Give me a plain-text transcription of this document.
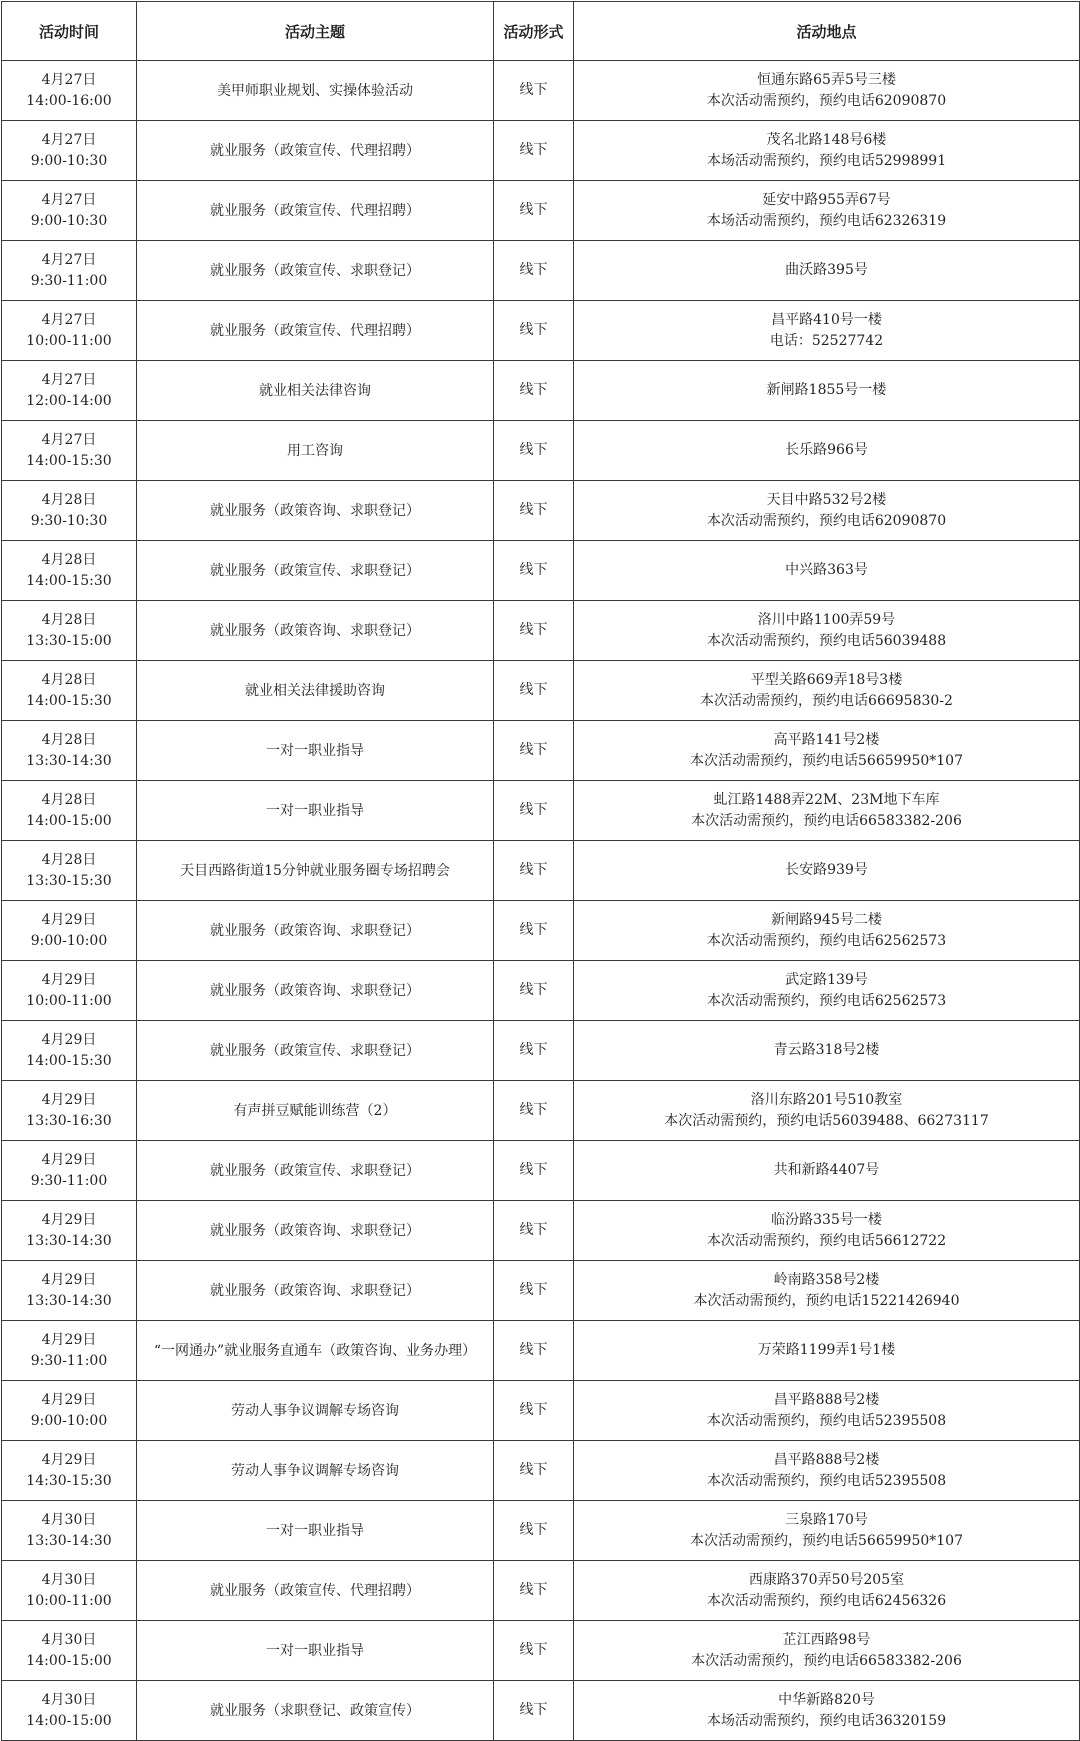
活动时间	活动主题	活动形式	活动地点

4月27日
14:00-16:00	美甲师职业规划、实操体验活动	线下	恒通东路65弄5号三楼
本次活动需预约，预约电话62090870

4月27日
9:00-10:30	就业服务（政策宣传、代理招聘）	线下	茂名北路148号6楼
本场活动需预约，预约电话52998991

4月27日
9:00-10:30	就业服务（政策宣传、代理招聘）	线下	延安中路955弄67号
本场活动需预约，预约电话62326319

4月27日
9:30-11:00	就业服务（政策宣传、求职登记）	线下	曲沃路395号

4月27日
10:00-11:00	就业服务（政策宣传、代理招聘）	线下	昌平路410号一楼
电话：52527742

4月27日
12:00-14:00	就业相关法律咨询	线下	新闸路1855号一楼

4月27日
14:00-15:30	用工咨询	线下	长乐路966号

4月28日
9:30-10:30	就业服务（政策咨询、求职登记）	线下	天目中路532号2楼
本次活动需预约，预约电话62090870

4月28日
14:00-15:30	就业服务（政策宣传、求职登记）	线下	中兴路363号

4月28日
13:30-15:00	就业服务（政策咨询、求职登记）	线下	洛川中路1100弄59号
本次活动需预约，预约电话56039488

4月28日
14:00-15:30	就业相关法律援助咨询	线下	平型关路669弄18号3楼
本次活动需预约，预约电话66695830-2

4月28日
13:30-14:30	一对一职业指导	线下	高平路141号2楼
本次活动需预约，预约电话56659950*107

4月28日
14:00-15:00	一对一职业指导	线下	虬江路1488弄22M、23M地下车库
本次活动需预约，预约电话66583382-206

4月28日
13:30-15:30	天目西路街道15分钟就业服务圈专场招聘会	线下	长安路939号

4月29日
9:00-10:00	就业服务（政策咨询、求职登记）	线下	新闸路945号二楼
本次活动需预约，预约电话62562573

4月29日
10:00-11:00	就业服务（政策咨询、求职登记）	线下	武定路139号
本次活动需预约，预约电话62562573

4月29日
14:00-15:30	就业服务（政策宣传、求职登记）	线下	青云路318号2楼

4月29日
13:30-16:30	有声拼豆赋能训练营（2）	线下	洛川东路201号510教室
本次活动需预约，预约电话56039488、66273117

4月29日
9:30-11:00	就业服务（政策宣传、求职登记）	线下	共和新路4407号

4月29日
13:30-14:30	就业服务（政策咨询、求职登记）	线下	临汾路335号一楼
本次活动需预约，预约电话56612722

4月29日
13:30-14:30	就业服务（政策咨询、求职登记）	线下	岭南路358号2楼
本次活动需预约，预约电话15221426940

4月29日
9:30-11:00	“一网通办”就业服务直通车（政策咨询、业务办理）	线下	万荣路1199弄1号1楼

4月29日
9:00-10:00	劳动人事争议调解专场咨询	线下	昌平路888号2楼
本次活动需预约，预约电话52395508

4月29日
14:30-15:30	劳动人事争议调解专场咨询	线下	昌平路888号2楼
本次活动需预约，预约电话52395508

4月30日
13:30-14:30	一对一职业指导	线下	三泉路170号
本次活动需预约，预约电话56659950*107

4月30日
10:00-11:00	就业服务（政策宣传、代理招聘）	线下	西康路370弄50号205室
本次活动需预约，预约电话62456326

4月30日
14:00-15:00	一对一职业指导	线下	芷江西路98号
本次活动需预约，预约电话66583382-206

4月30日
14:00-15:00	就业服务（求职登记、政策宣传）	线下	中华新路820号
本场活动需预约，预约电话36320159
